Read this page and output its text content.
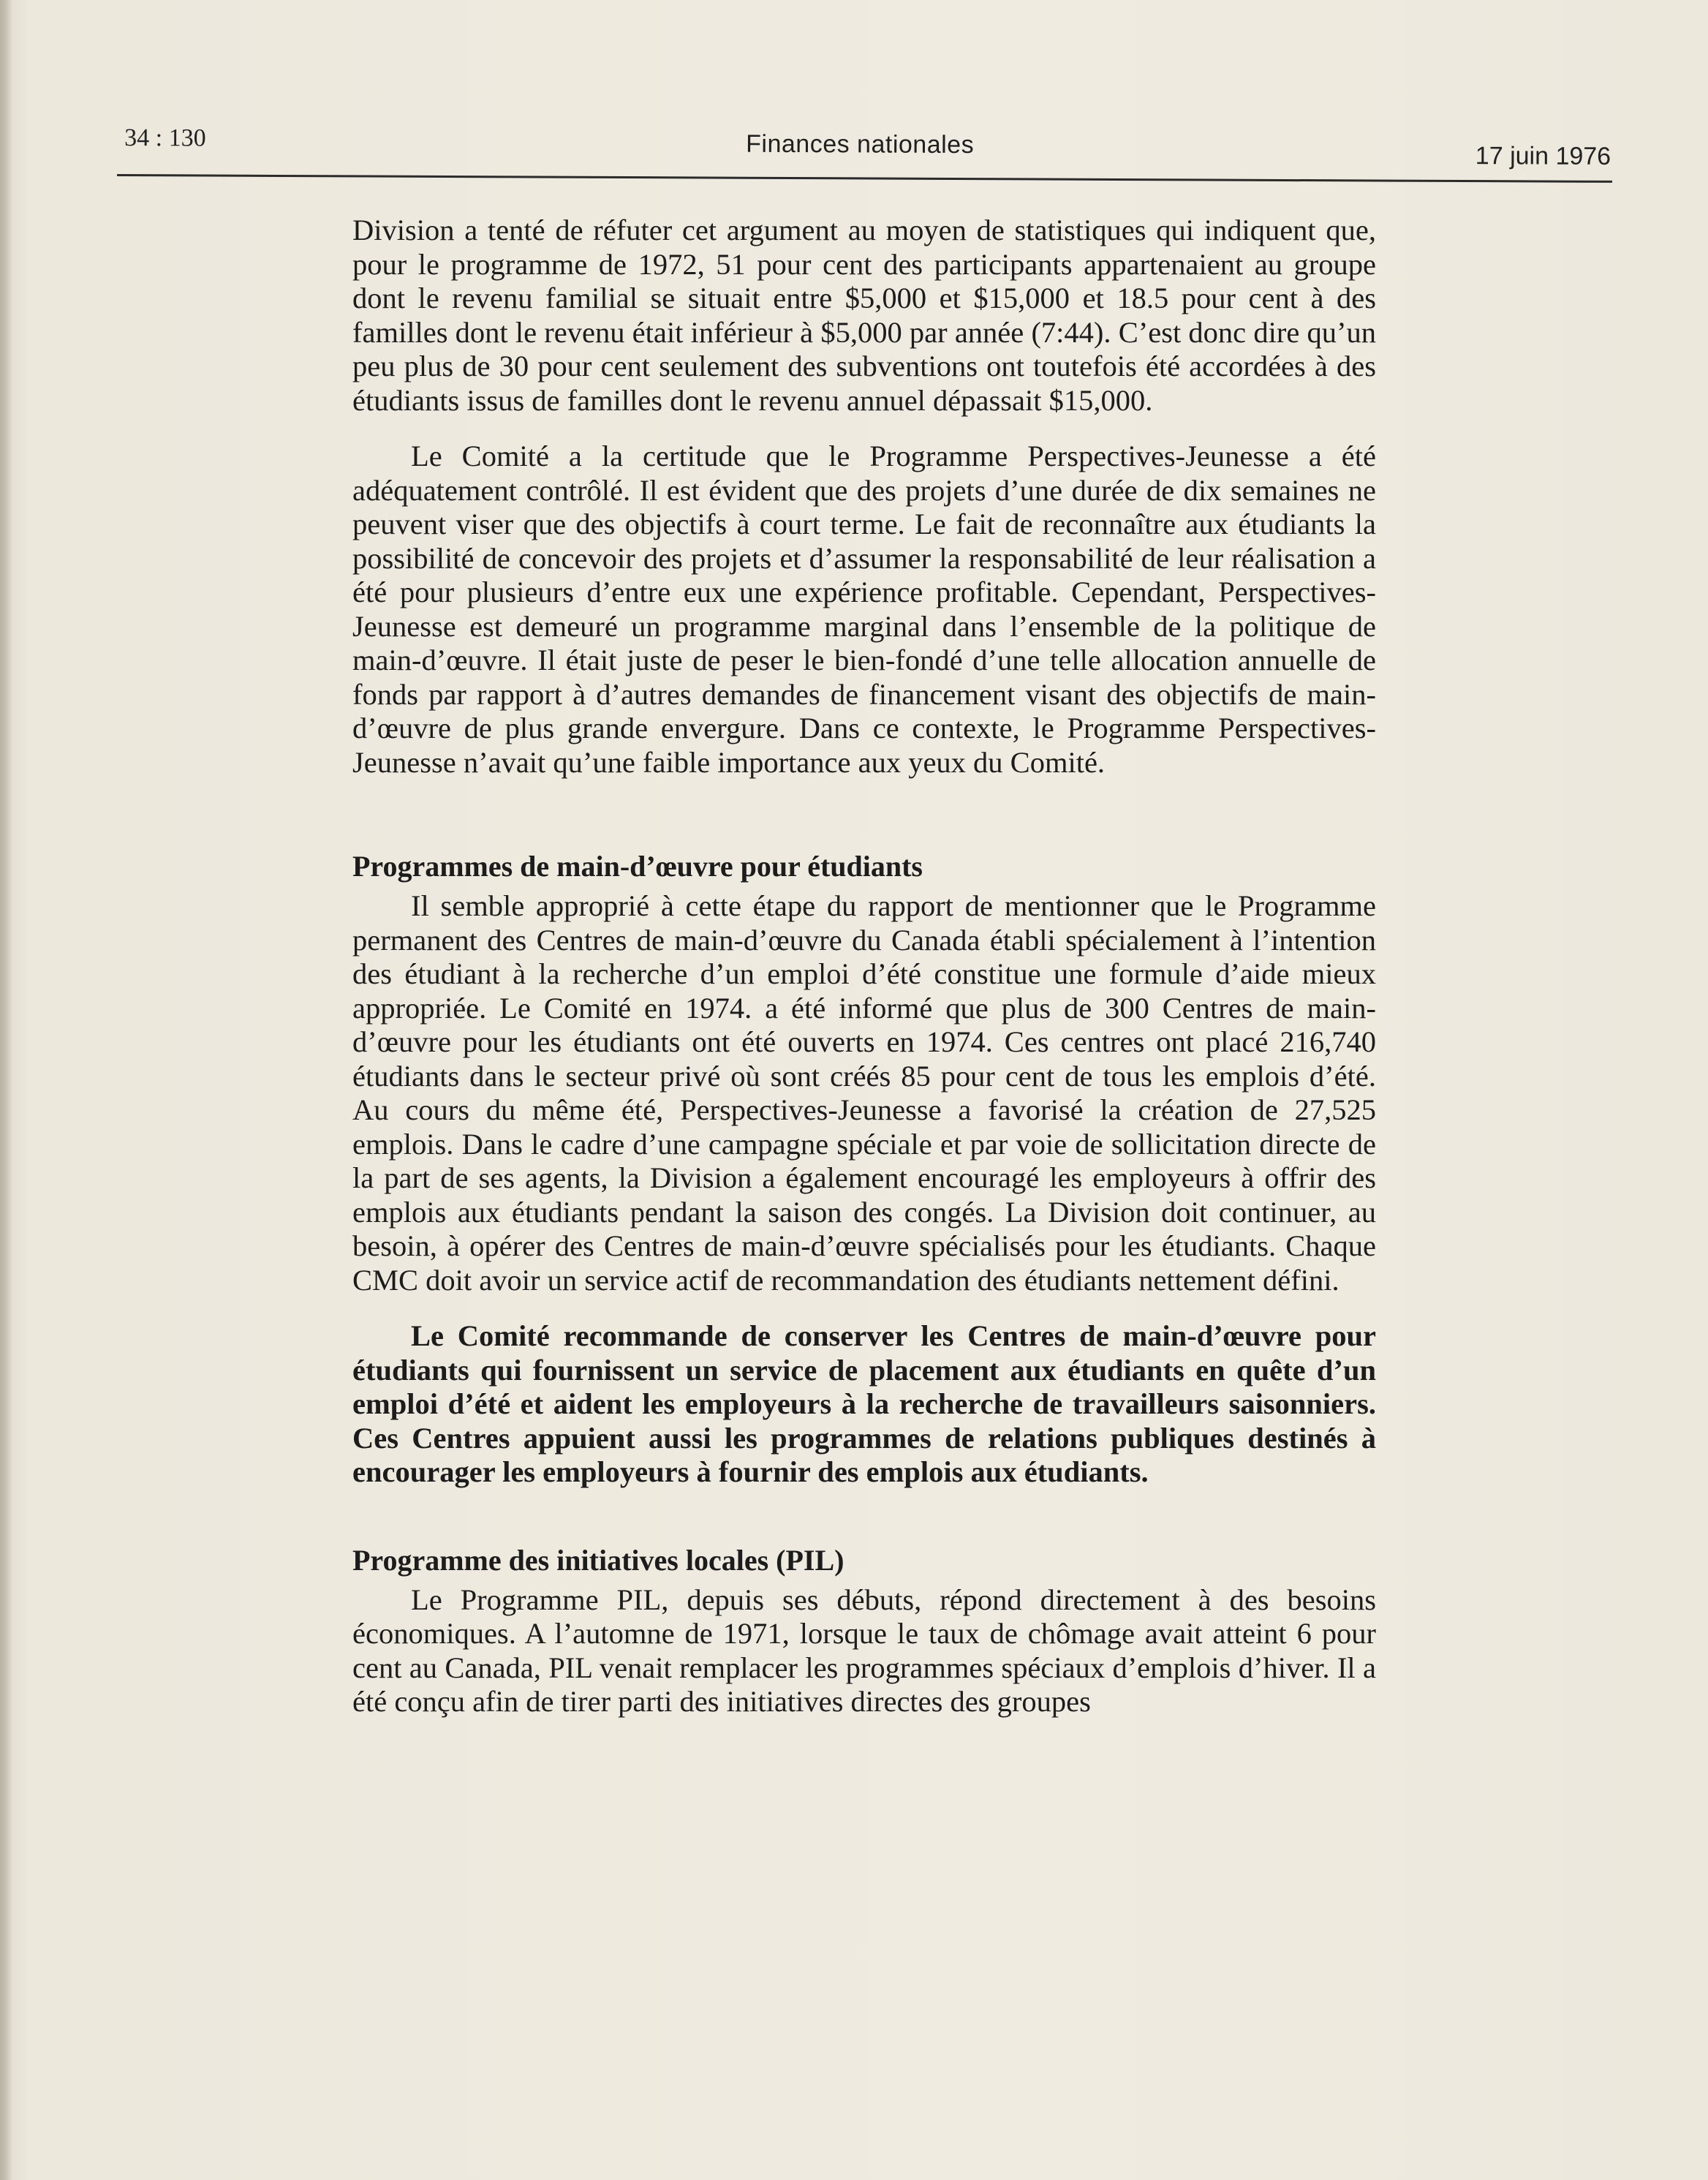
34 : 130	Finances nationales	17 juin 1976

Division a tenté de réfuter cet argument au moyen de statistiques qui indiquent que, pour le programme de 1972, 51 pour cent des participants appartenaient au groupe dont le revenu familial se situait entre $5,000 et $15,000 et 18.5 pour cent à des familles dont le revenu était inférieur à $5,000 par année (7:44). C’est donc dire qu’un peu plus de 30 pour cent seulement des subventions ont toutefois été accordées à des étudiants issus de familles dont le revenu annuel dépassait $15,000.

Le Comité a la certitude que le Programme Perspectives-Jeunesse a été adéquatement contrôlé. Il est évident que des projets d’une durée de dix semaines ne peuvent viser que des objectifs à court terme. Le fait de reconnaître aux étudiants la possibilité de concevoir des projets et d’assumer la responsabilité de leur réalisation a été pour plusieurs d’entre eux une expérience profitable. Cependant, Perspectives-Jeunesse est demeuré un programme marginal dans l’ensemble de la politique de main-d’œuvre. Il était juste de peser le bien-fondé d’une telle allocation annuelle de fonds par rapport à d’autres demandes de financement visant des objectifs de main-d’œuvre de plus grande envergure. Dans ce contexte, le Programme Perspectives-Jeunesse n’avait qu’une faible importance aux yeux du Comité.

Programmes de main-d’œuvre pour étudiants

Il semble approprié à cette étape du rapport de mentionner que le Programme permanent des Centres de main-d’œuvre du Canada établi spécialement à l’intention des étudiant à la recherche d’un emploi d’été constitue une formule d’aide mieux appropriée. Le Comité en 1974. a été informé que plus de 300 Centres de main-d’œuvre pour les étudiants ont été ouverts en 1974. Ces centres ont placé 216,740 étudiants dans le secteur privé où sont créés 85 pour cent de tous les emplois d’été. Au cours du même été, Perspectives-Jeunesse a favorisé la création de 27,525 emplois. Dans le cadre d’une campagne spéciale et par voie de sollicitation directe de la part de ses agents, la Division a également encouragé les employeurs à offrir des emplois aux étudiants pendant la saison des congés. La Division doit continuer, au besoin, à opérer des Centres de main-d’œuvre spécialisés pour les étudiants. Chaque CMC doit avoir un service actif de recommandation des étudiants nettement défini.

Le Comité recommande de conserver les Centres de main-d’œuvre pour étudiants qui fournissent un service de placement aux étudiants en quête d’un emploi d’été et aident les employeurs à la recherche de travailleurs saisonniers. Ces Centres appuient aussi les programmes de relations publiques destinés à encourager les employeurs à fournir des emplois aux étudiants.

Programme des initiatives locales (PIL)

Le Programme PIL, depuis ses débuts, répond directement à des besoins économiques. A l’automne de 1971, lorsque le taux de chômage avait atteint 6 pour cent au Canada, PIL venait remplacer les programmes spéciaux d’emplois d’hiver. Il a été conçu afin de tirer parti des initiatives directes des groupes
